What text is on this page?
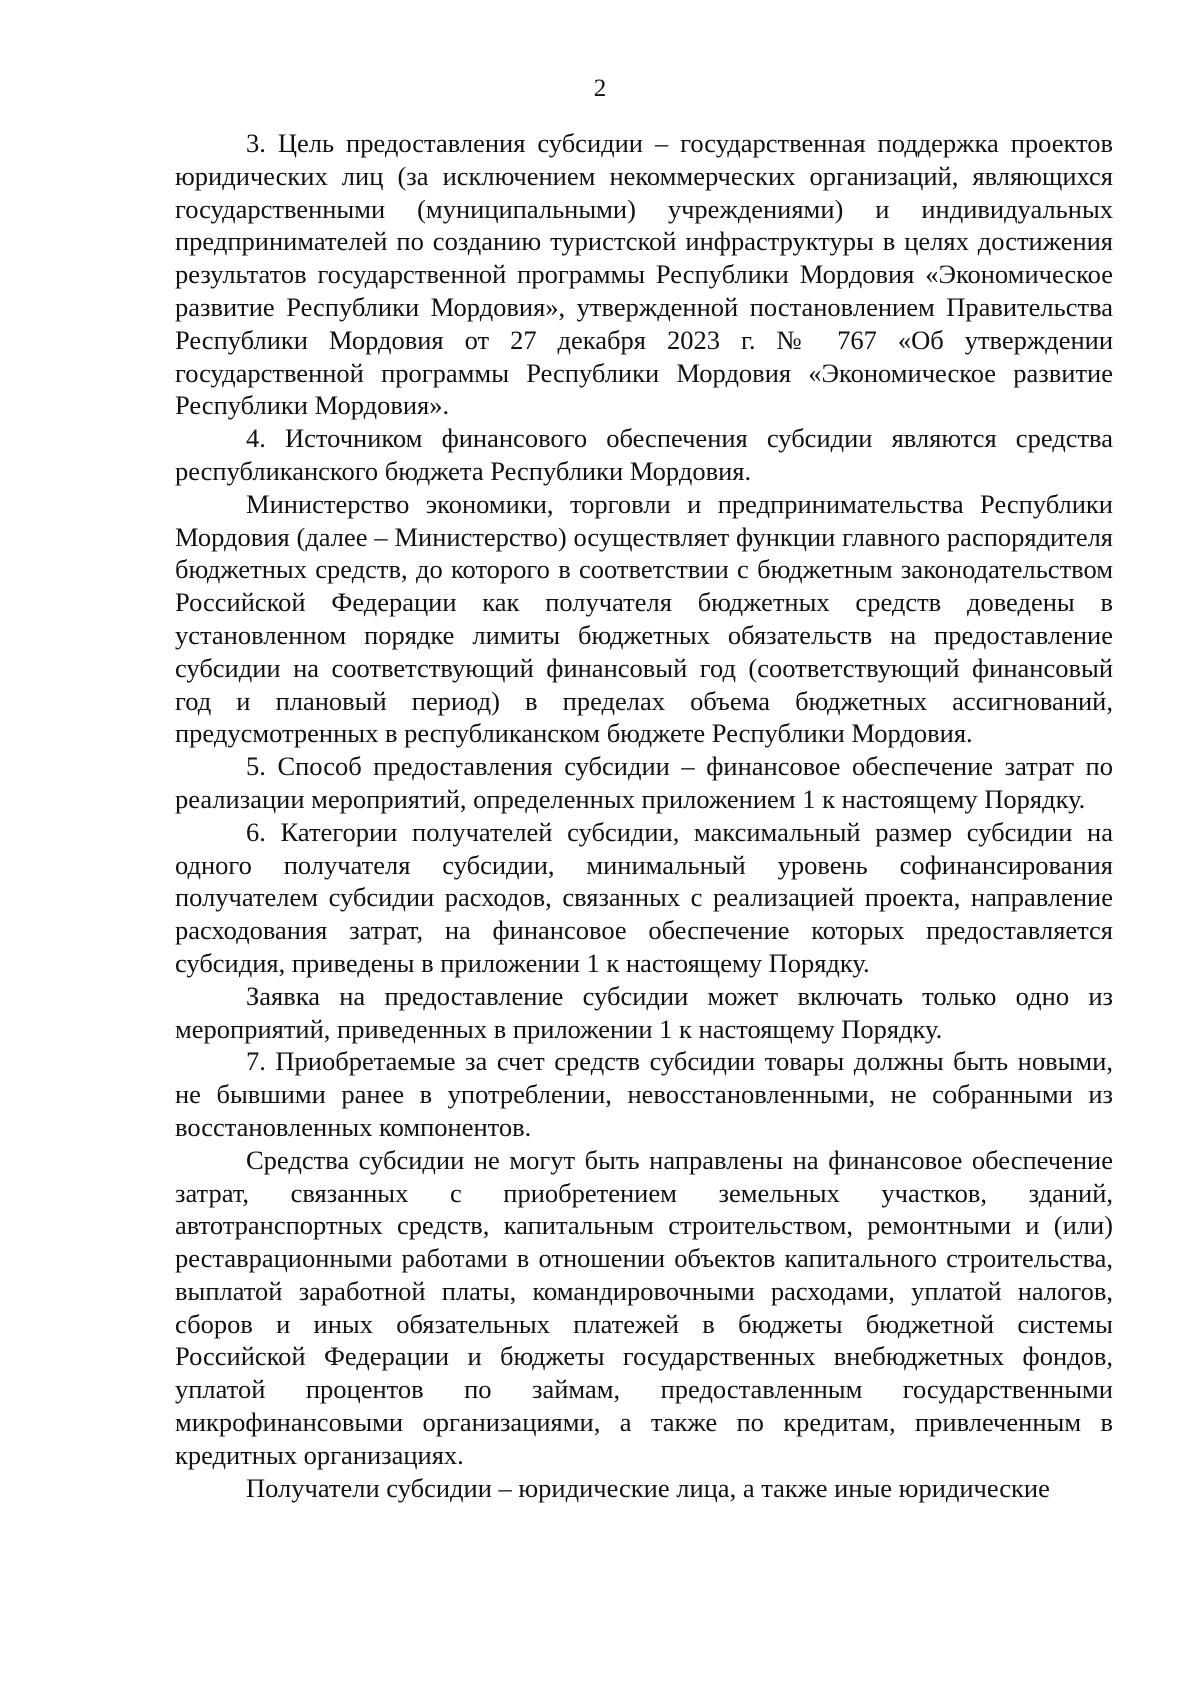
2

3. Цель предоставления субсидии – государственная поддержка проектов юридических лиц (за исключением некоммерческих организаций, являющихся государственными (муниципальными) учреждениями) и индивидуальных предпринимателей по созданию туристской инфраструктуры в целях достижения результатов государственной программы Республики Мордовия «Экономическое развитие Республики Мордовия», утвержденной постановлением Правительства Республики Мордовия от 27 декабря 2023 г. № 767 «Об утверждении государственной программы Республики Мордовия «Экономическое развитие Республики Мордовия».

4. Источником финансового обеспечения субсидии являются средства республиканского бюджета Республики Мордовия.

Министерство экономики, торговли и предпринимательства Республики Мордовия (далее – Министерство) осуществляет функции главного распорядителя бюджетных средств, до которого в соответствии с бюджетным законодательством Российской Федерации как получателя бюджетных средств доведены в установленном порядке лимиты бюджетных обязательств на предоставление субсидии на соответствующий финансовый год (соответствующий финансовый год и плановый период) в пределах объема бюджетных ассигнований, предусмотренных в республиканском бюджете Республики Мордовия.

5. Способ предоставления субсидии – финансовое обеспечение затрат по реализации мероприятий, определенных приложением 1 к настоящему Порядку.

6. Категории получателей субсидии, максимальный размер субсидии на одного получателя субсидии, минимальный уровень софинансирования получателем субсидии расходов, связанных с реализацией проекта, направление расходования затрат, на финансовое обеспечение которых предоставляется субсидия, приведены в приложении 1 к настоящему Порядку.

Заявка на предоставление субсидии может включать только одно из мероприятий, приведенных в приложении 1 к настоящему Порядку.

7. Приобретаемые за счет средств субсидии товары должны быть новыми, не бывшими ранее в употреблении, невосстановленными, не собранными из восстановленных компонентов.

Средства субсидии не могут быть направлены на финансовое обеспечение затрат, связанных с приобретением земельных участков, зданий, автотранспортных средств, капитальным строительством, ремонтными и (или) реставрационными работами в отношении объектов капитального строительства, выплатой заработной платы, командировочными расходами, уплатой налогов, сборов и иных обязательных платежей в бюджеты бюджетной системы Российской Федерации и бюджеты государственных внебюджетных фондов, уплатой процентов по займам, предоставленным государственными микрофинансовыми организациями, а также по кредитам, привлеченным в кредитных организациях.

Получатели субсидии – юридические лица, а также иные юридические
